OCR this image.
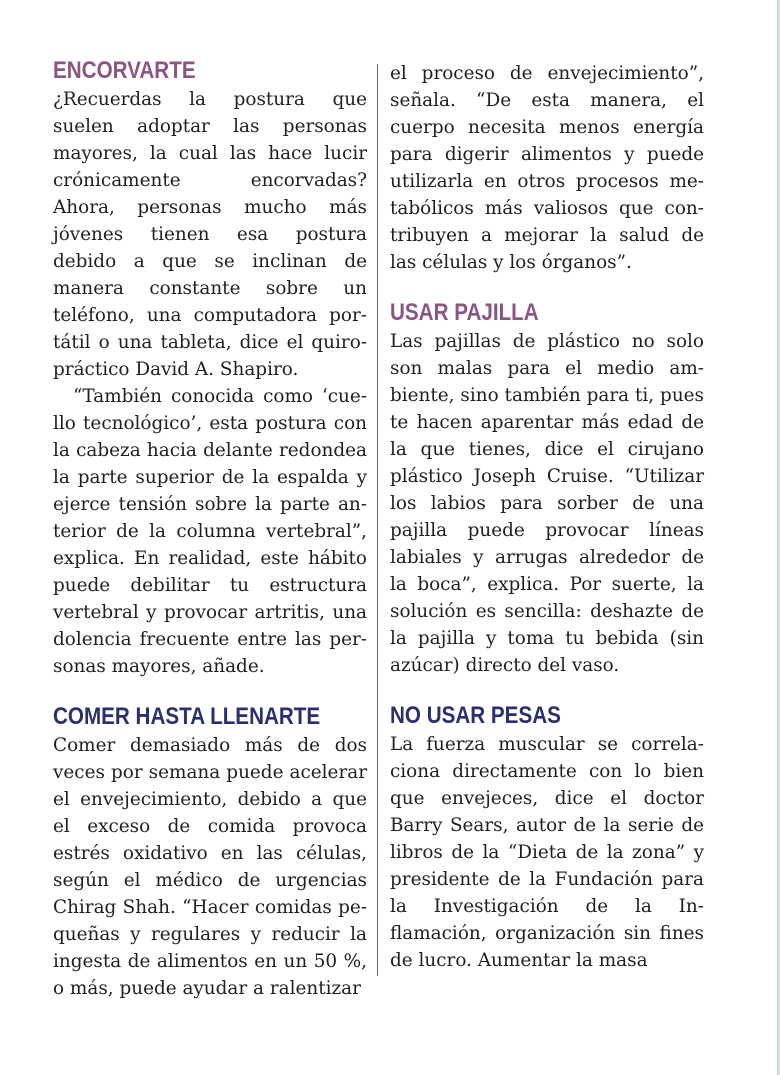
ENCORVARTE

¿Recuerdas la postura que suelen adoptar las personas mayores, la cual las hace lucir crónicamente encorvadas? Ahora, personas mucho más jóvenes tienen esa postura debido a que se inclinan de manera constante sobre un teléfono, una computadora portátil o una tableta, dice el quiropráctico David A. Shapiro.

“También conocida como ‘cuello tecnológico’, esta postura con la cabeza hacia delante redondea la parte superior de la espalda y ejerce tensión sobre la parte anterior de la columna vertebral”, explica. En realidad, este hábito puede debilitar tu estructura vertebral y provocar artritis, una dolencia frecuente entre las personas mayores, añade.

COMER HASTA LLENARTE

Comer demasiado más de dos veces por semana puede acelerar el envejecimiento, debido a que el exceso de comida provoca estrés oxidativo en las células, según el médico de urgencias Chirag Shah. “Hacer comidas pequeñas y regulares y reducir la ingesta de alimentos en un 50 %, o más, puede ayudar a ralentizar

el proceso de envejecimiento”, señala. “De esta manera, el cuerpo necesita menos energía para digerir alimentos y puede utilizarla en otros procesos metabólicos más valiosos que contribuyen a mejorar la salud de las células y los órganos”.

USAR PAJILLA

Las pajillas de plástico no solo son malas para el medio ambiente, sino también para ti, pues te hacen aparentar más edad de la que tienes, dice el cirujano plástico Joseph Cruise. “Utilizar los labios para sorber de una pajilla puede provocar líneas labiales y arrugas alrededor de la boca”, explica. Por suerte, la solución es sencilla: deshazte de la pajilla y toma tu bebida (sin azúcar) directo del vaso.

NO USAR PESAS

La fuerza muscular se correlaciona directamente con lo bien que envejeces, dice el doctor Barry Sears, autor de la serie de libros de la “Dieta de la zona” y presidente de la Fundación para la Investigación de la Inflamación, organización sin fines de lucro. Aumentar la masa
